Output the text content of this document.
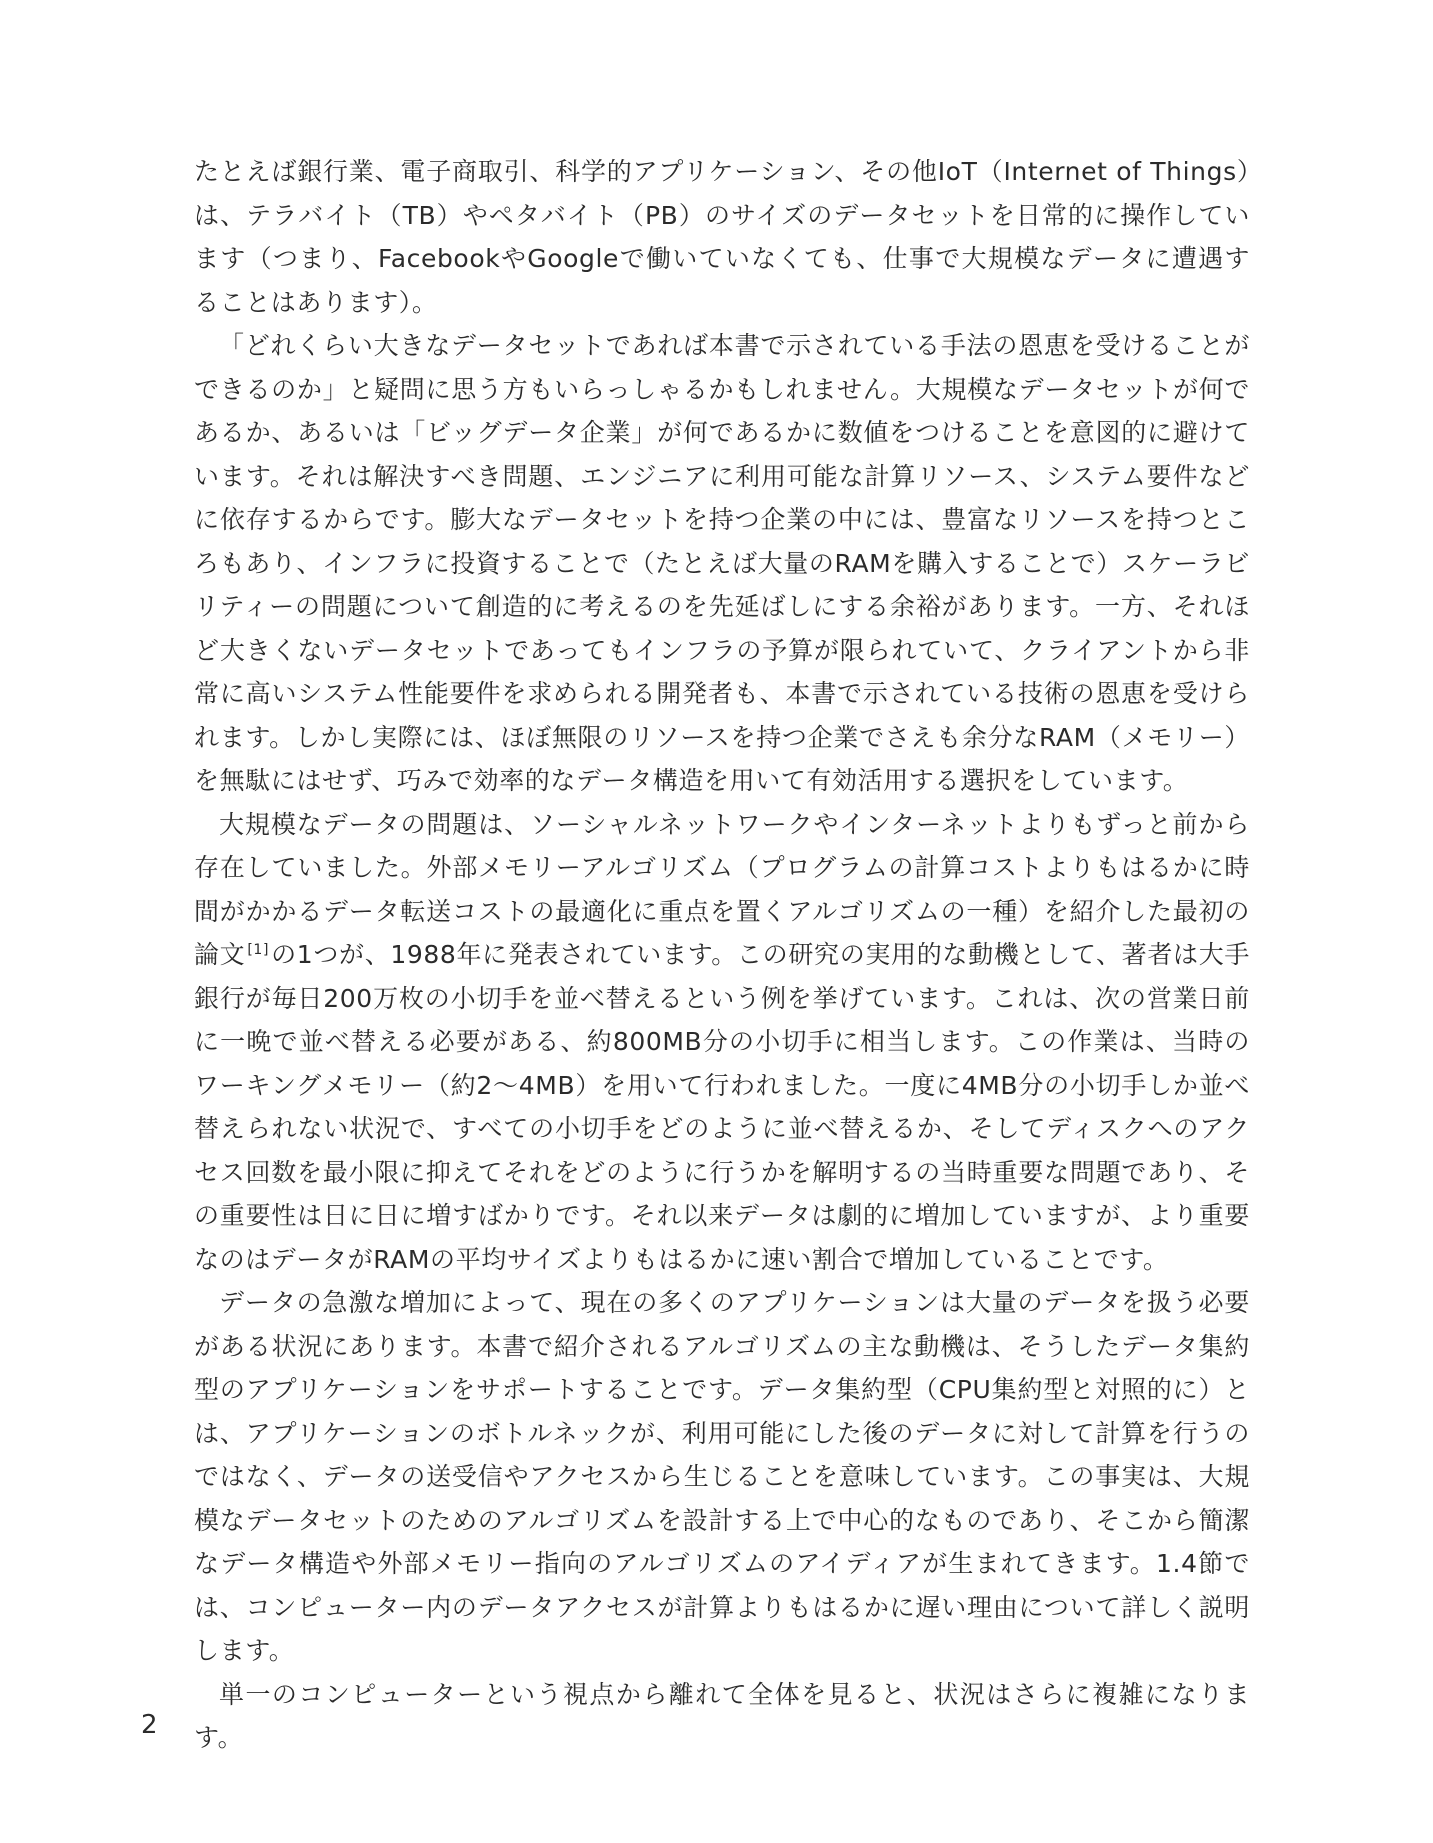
たとえば銀行業、電子商取引、科学的アプリケーション、その他IoT（Internet of Things）は、テラバイト（TB）やペタバイト（PB）のサイズのデータセットを日常的に操作しています（つまり、FacebookやGoogleで働いていなくても、仕事で大規模なデータに遭遇することはあります）。

「どれくらい大きなデータセットであれば本書で示されている手法の恩恵を受けることができるのか」と疑問に思う方もいらっしゃるかもしれません。大規模なデータセットが何であるか、あるいは「ビッグデータ企業」が何であるかに数値をつけることを意図的に避けています。それは解決すべき問題、エンジニアに利用可能な計算リソース、システム要件などに依存するからです。膨大なデータセットを持つ企業の中には、豊富なリソースを持つところもあり、インフラに投資することで（たとえば大量のRAMを購入することで）スケーラビリティーの問題について創造的に考えるのを先延ばしにする余裕があります。一方、それほど大きくないデータセットであってもインフラの予算が限られていて、クライアントから非常に高いシステム性能要件を求められる開発者も、本書で示されている技術の恩恵を受けられます。しかし実際には、ほぼ無限のリソースを持つ企業でさえも余分なRAM（メモリー）を無駄にはせず、巧みで効率的なデータ構造を用いて有効活用する選択をしています。

大規模なデータの問題は、ソーシャルネットワークやインターネットよりもずっと前から存在していました。外部メモリーアルゴリズム（プログラムの計算コストよりもはるかに時間がかかるデータ転送コストの最適化に重点を置くアルゴリズムの一種）を紹介した最初の論文 [1]の1つが、1988年に発表されています。この研究の実用的な動機として、著者は大手銀行が毎日200万枚の小切手を並べ替えるという例を挙げています。これは、次の営業日前に一晩で並べ替える必要がある、約800MB分の小切手に相当します。この作業は、当時のワーキングメモリー（約2〜4MB）を用いて行われました。一度に4MB分の小切手しか並べ替えられない状況で、すべての小切手をどのように並べ替えるか、そしてディスクへのアクセス回数を最小限に抑えてそれをどのように行うかを解明するの当時重要な問題であり、その重要性は日に日に増すばかりです。それ以来データは劇的に増加していますが、より重要なのはデータがRAMの平均サイズよりもはるかに速い割合で増加していることです。

データの急激な増加によって、現在の多くのアプリケーションは大量のデータを扱う必要がある状況にあります。本書で紹介されるアルゴリズムの主な動機は、そうしたデータ集約型のアプリケーションをサポートすることです。データ集約型（CPU集約型と対照的に）とは、アプリケーションのボトルネックが、利用可能にした後のデータに対して計算を行うのではなく、データの送受信やアクセスから生じることを意味しています。この事実は、大規模なデータセットのためのアルゴリズムを設計する上で中心的なものであり、そこから簡潔なデータ構造や外部メモリー指向のアルゴリズムのアイディアが生まれてきます。1.4節では、コンピューター内のデータアクセスが計算よりもはるかに遅い理由について詳しく説明します。

単一のコンピューターという視点から離れて全体を見ると、状況はさらに複雑になります。

2
